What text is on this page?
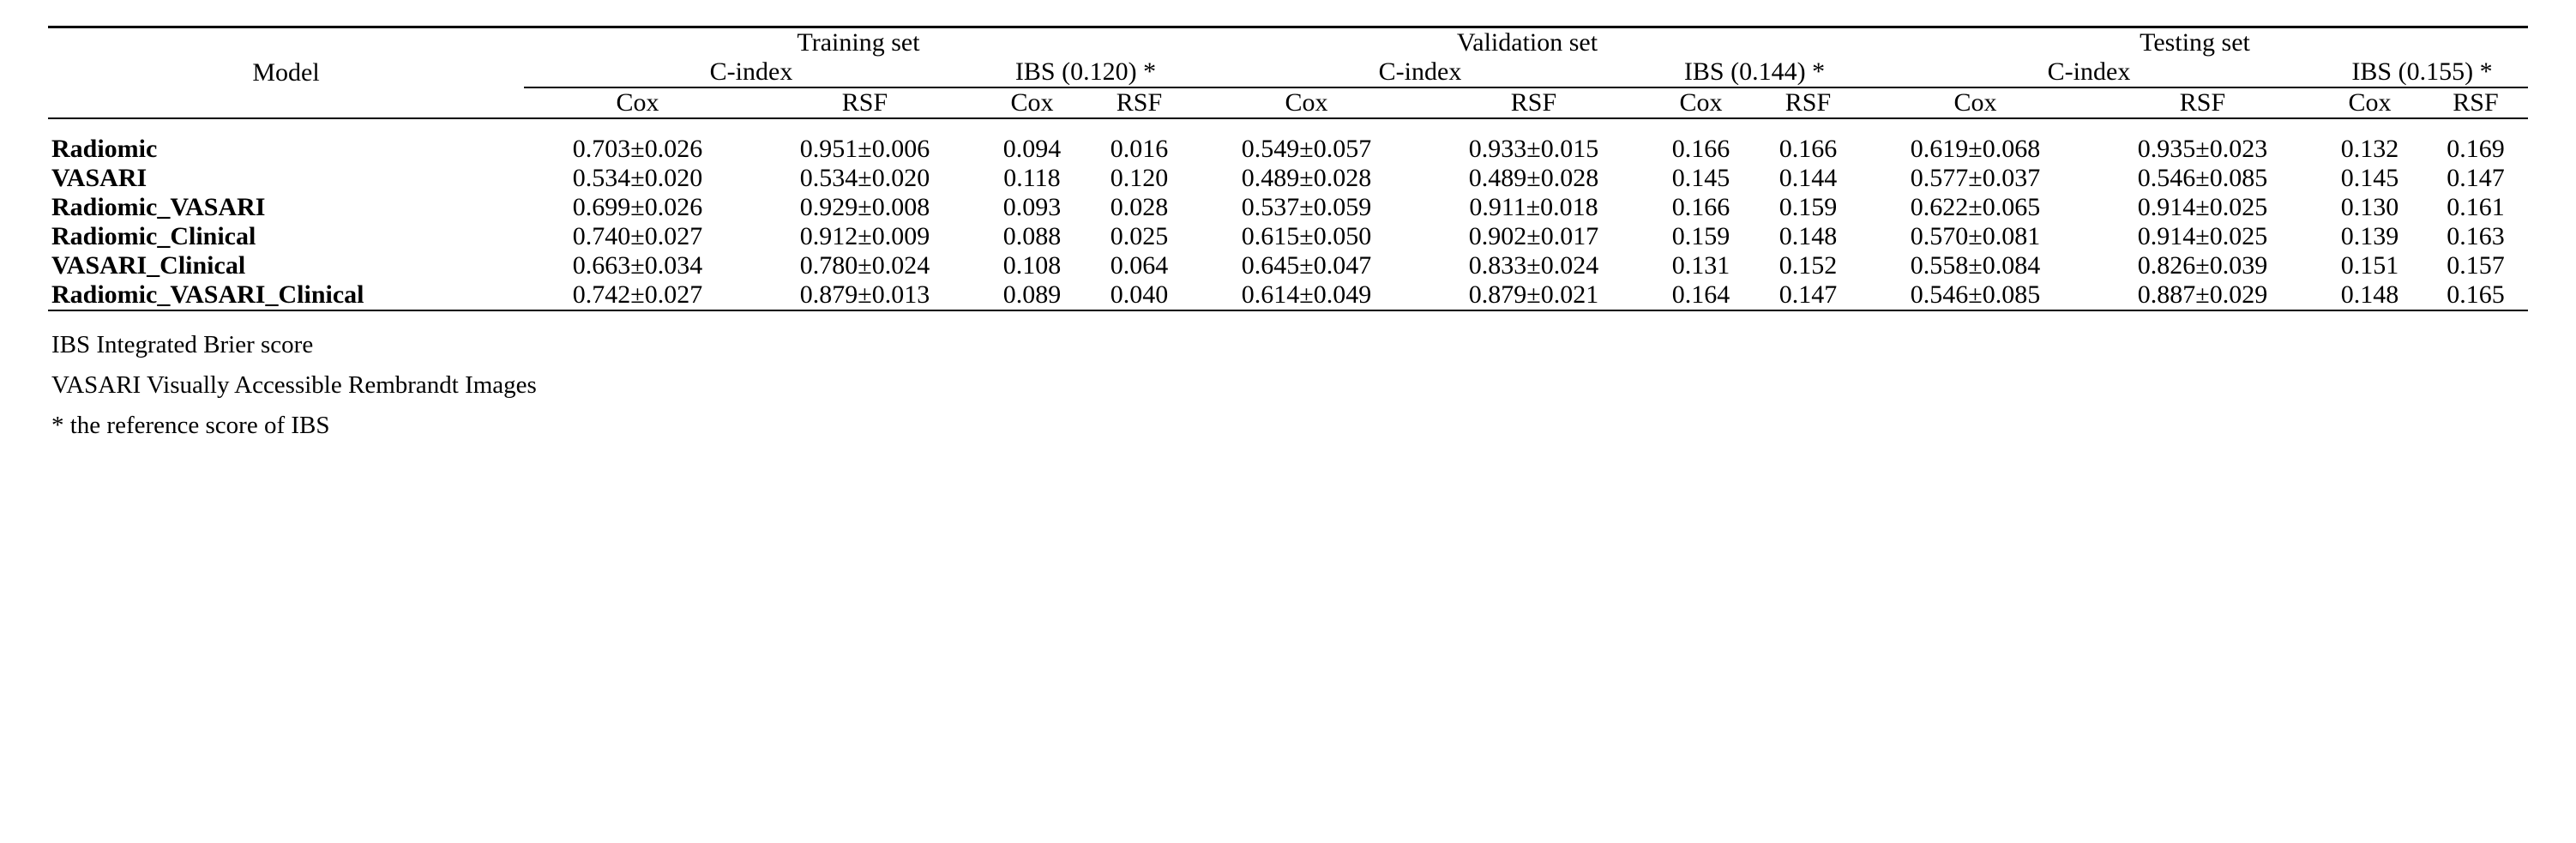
	Training set				Validation set				Testing set			
Model	C-index		IBS (0.120) *		C-index		IBS (0.144) *		C-index		IBS (0.155) *	
	Cox	RSF	Cox	RSF	Cox	RSF	Cox	RSF	Cox	RSF	Cox	RSF

Radiomic	0.703±0.026	0.951±0.006	0.094	0.016	0.549±0.057	0.933±0.015	0.166	0.166	0.619±0.068	0.935±0.023	0.132	0.169
VASARI	0.534±0.020	0.534±0.020	0.118	0.120	0.489±0.028	0.489±0.028	0.145	0.144	0.577±0.037	0.546±0.085	0.145	0.147
Radiomic_VASARI	0.699±0.026	0.929±0.008	0.093	0.028	0.537±0.059	0.911±0.018	0.166	0.159	0.622±0.065	0.914±0.025	0.130	0.161
Radiomic_Clinical	0.740±0.027	0.912±0.009	0.088	0.025	0.615±0.050	0.902±0.017	0.159	0.148	0.570±0.081	0.914±0.025	0.139	0.163
VASARI_Clinical	0.663±0.034	0.780±0.024	0.108	0.064	0.645±0.047	0.833±0.024	0.131	0.152	0.558±0.084	0.826±0.039	0.151	0.157
Radiomic_VASARI_Clinical	0.742±0.027	0.879±0.013	0.089	0.040	0.614±0.049	0.879±0.021	0.164	0.147	0.546±0.085	0.887±0.029	0.148	0.165

IBS Integrated Brier score
VASARI Visually Accessible Rembrandt Images
* the reference score of IBS
